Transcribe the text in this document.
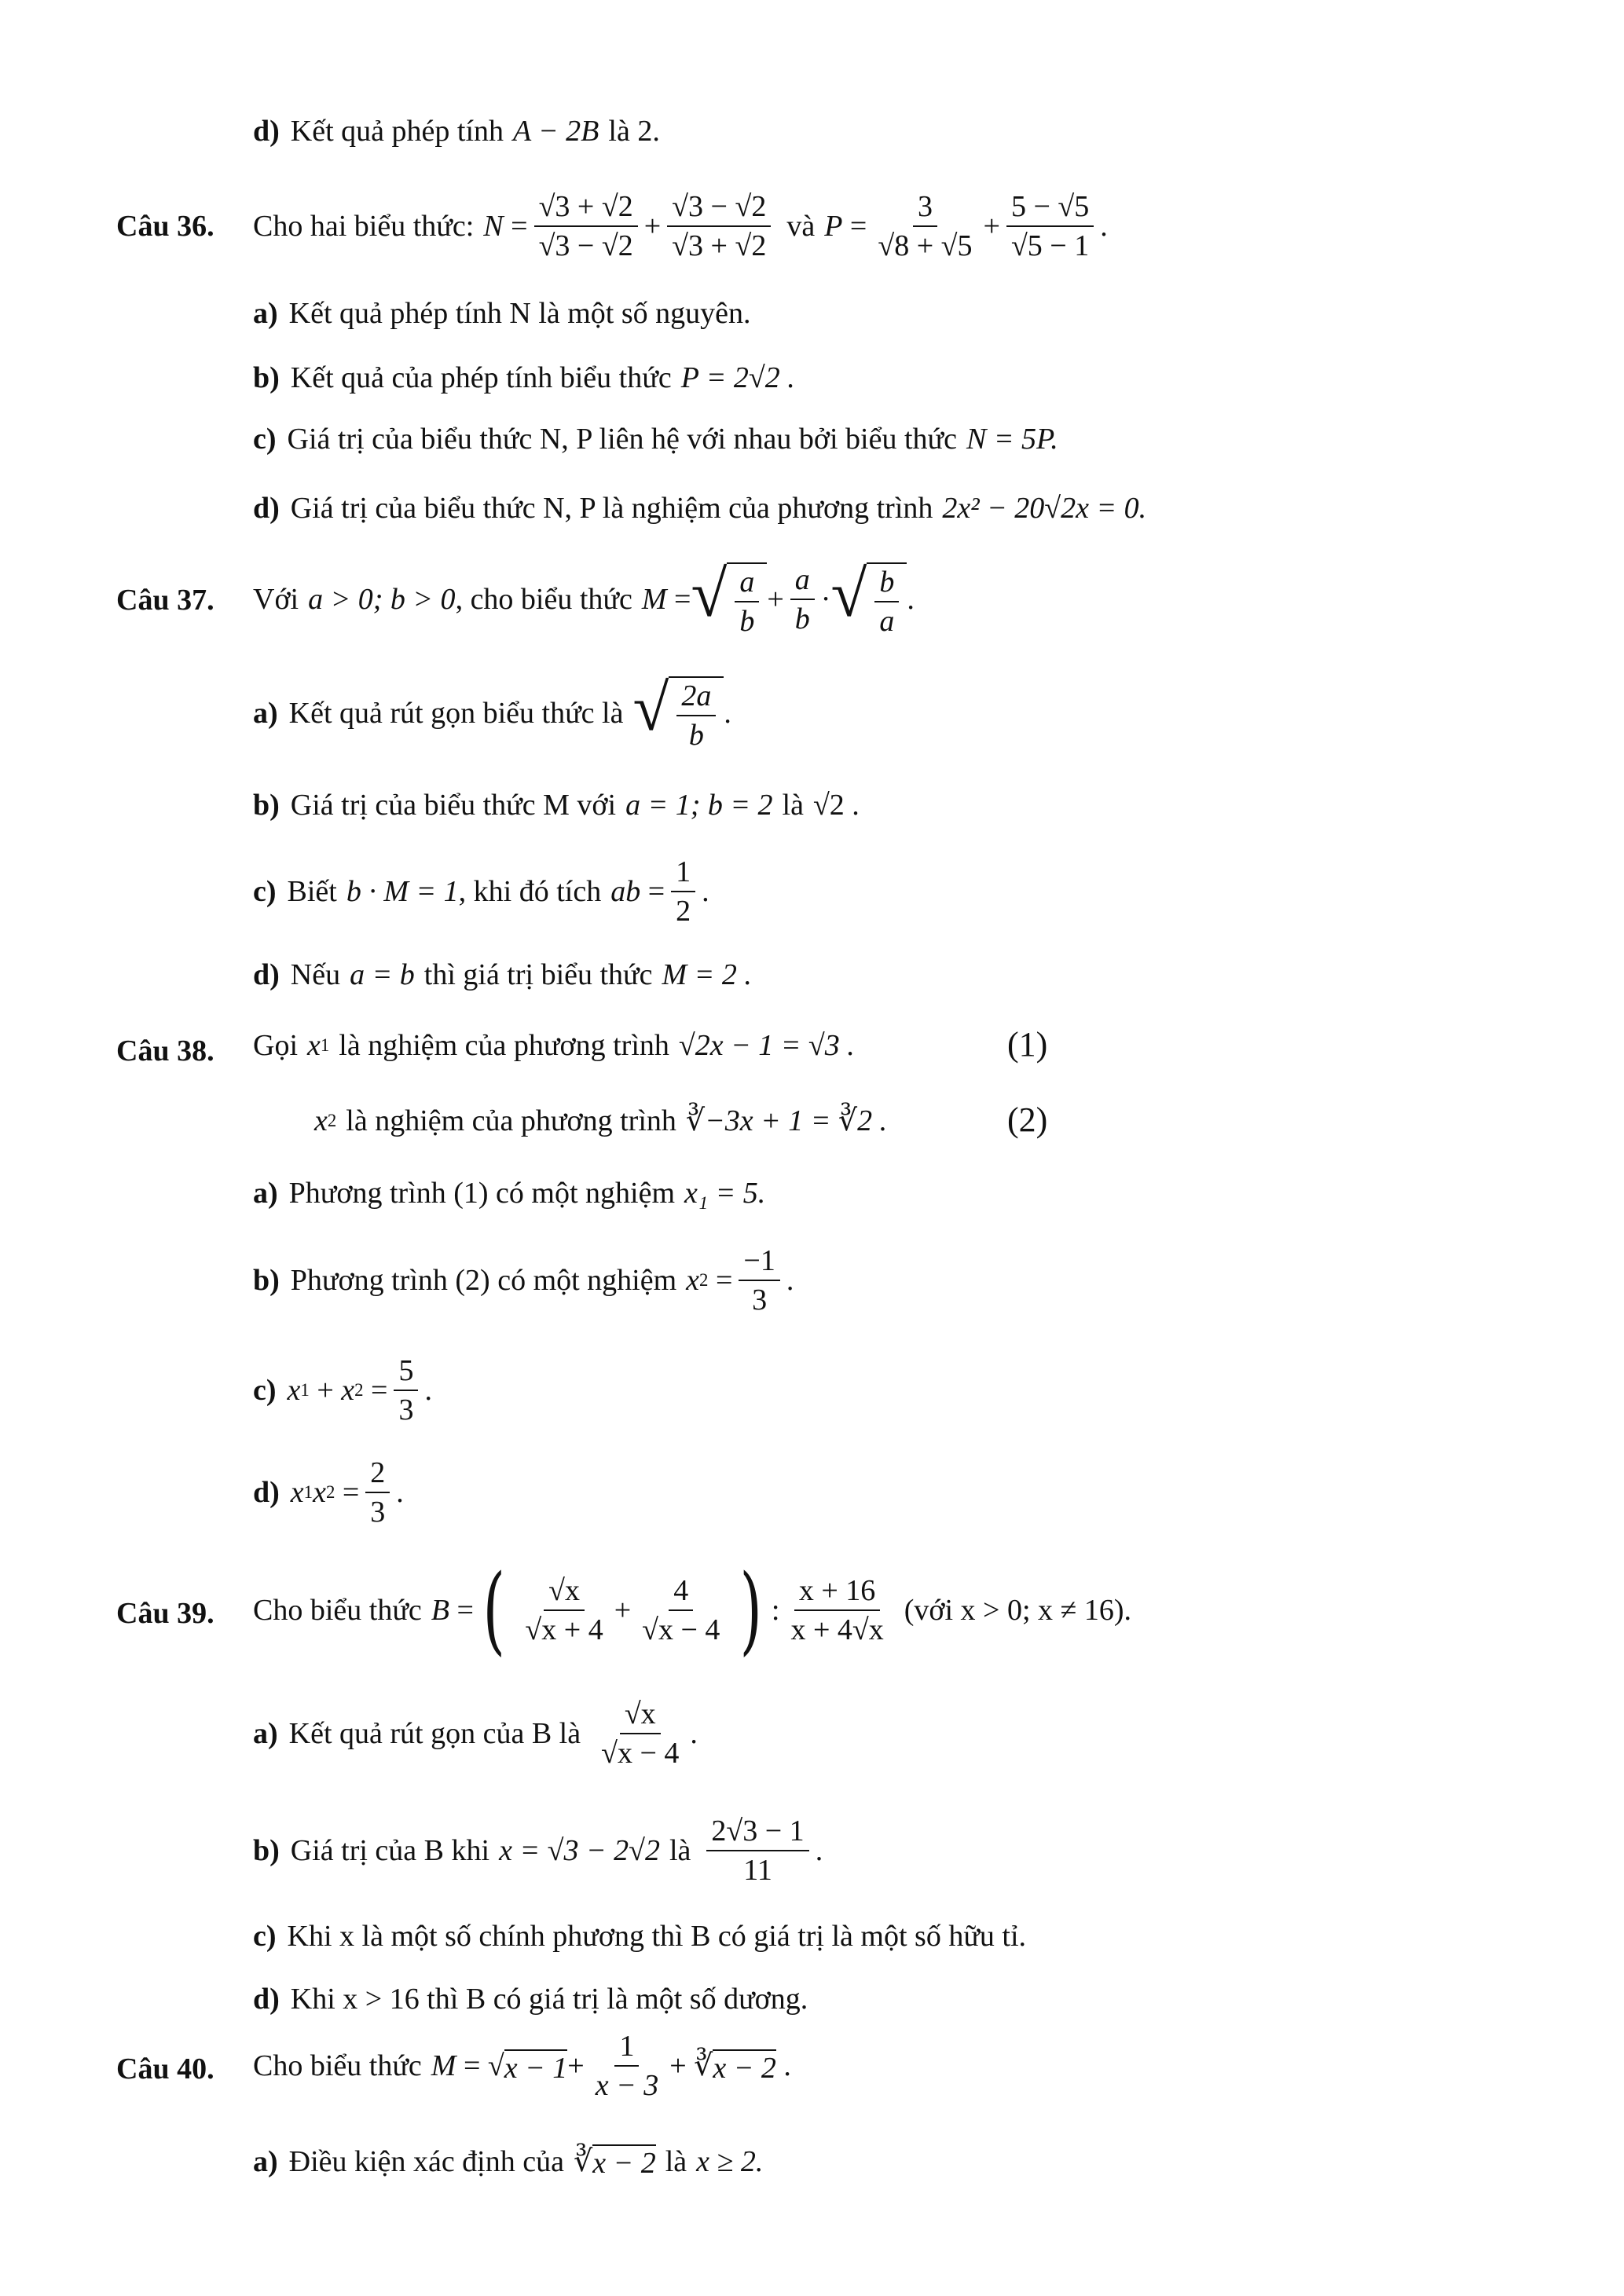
d) Kết quả phép tính A − 2B là 2.
Câu 36. Cho hai biểu thức: $N = \frac{√3 + √2}{√3 - √2} + \frac{√3 - √2}{√3 + √2}$ và $P = \frac{3}{√8 + √5} + \frac{5 - √5}{√5 - 1}$ .
a) Kết quả phép tính N là một số nguyên.
b) Kết quả của phép tính biểu thức P = 2√2 .
c) Giá trị của biểu thức N, P liên hệ với nhau bởi biểu thức N = 5P.
d) Giá trị của biểu thức N, P là nghiệm của phương trình 2x² − 20√2x = 0.
Câu 37. Với a > 0; b > 0 , cho biểu thức M = √ $\frac{a}{b} + \frac{a}{b}$ · √ $\frac{b}{a}$ .
a) Kết quả rút gọn biểu thức là √ $\frac{2a}{b}$ .
b) Giá trị của biểu thức M với a = 1; b = 2 là √2 .
c) Biết b · M = 1 , khi đó tích ab = $\frac{1}{2}$ .
d) Nếu a = b thì giá trị biểu thức M = 2 .
Câu 38. Gọi x 1 là nghiệm của phương trình √2x − 1 = √3 .	(1)
x 2 là nghiệm của phương trình ∛−3x + 1 = ∛2 .	(2)
a) Phương trình (1) có một nghiệm x₁ = 5.
b) Phương trình (2) có một nghiệm x $2 = \frac{-1}{3}$ .
c) x 1 + x $2 = \frac{5}{3}$ .
d) x 1 x $2 = \frac{2}{3}$ .
Câu 39. Cho biểu thức B = ( $\frac{√x}{√x + 4} + \frac{4}{√x - 4}$ ) : $\frac{x + 16}{x + 4√x}$ (với x > 0; x ≠ 16).
a) Kết quả rút gọn của B là $\frac{√x}{√x - 4}$ .
b) Giá trị của B khi x = √3 − 2√2 là $\frac{2√3 - 1}{11}$ .
c) Khi x là một số chính phương thì B có giá trị là một số hữu tỉ.
d) Khi x > 16 thì B có giá trị là một số dương.
Câu 40. Cho biểu thức M = √ $x - 1 + \frac{1}{x - 3}$ + ∛ x − 2 .
a) Điều kiện xác định của ∛ x − 2 là x ≥ 2.
